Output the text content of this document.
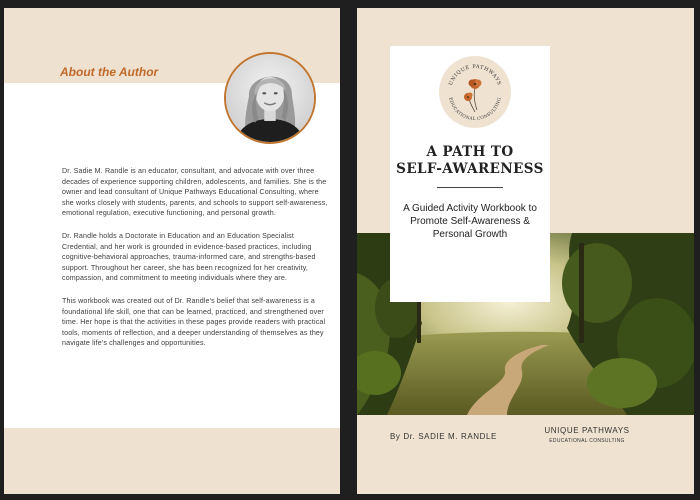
About the Author

Dr. Sadie M. Randle is an educator, consultant, and advocate with over three decades of experience supporting children, adolescents, and families. She is the owner and lead consultant of Unique Pathways Educational Consulting, where she works closely with students, parents, and schools to support self-awareness, emotional regulation, executive functioning, and personal growth.

Dr. Randle holds a Doctorate in Education and an Education Specialist Credential, and her work is grounded in evidence-based practices, including cognitive-behavioral approaches, trauma-informed care, and strengths-based support. Throughout her career, she has been recognized for her creativity, compassion, and commitment to meeting individuals where they are.

This workbook was created out of Dr. Randle's belief that self-awareness is a foundational life skill, one that can be learned, practiced, and strengthened over time. Her hope is that the activities in these pages provide readers with practical tools, moments of reflection, and a deeper understanding of themselves as they navigate life's challenges and opportunities.

UNIQUE PATHWAYS
EDUCATIONAL CONSULTING
A PATH TO
SELF-AWARENESS

A Guided Activity Workbook to Promote Self-Awareness & Personal Growth

By Dr. SADIE M. RANDLE
UNIQUE PATHWAYS
EDUCATIONAL CONSULTING
